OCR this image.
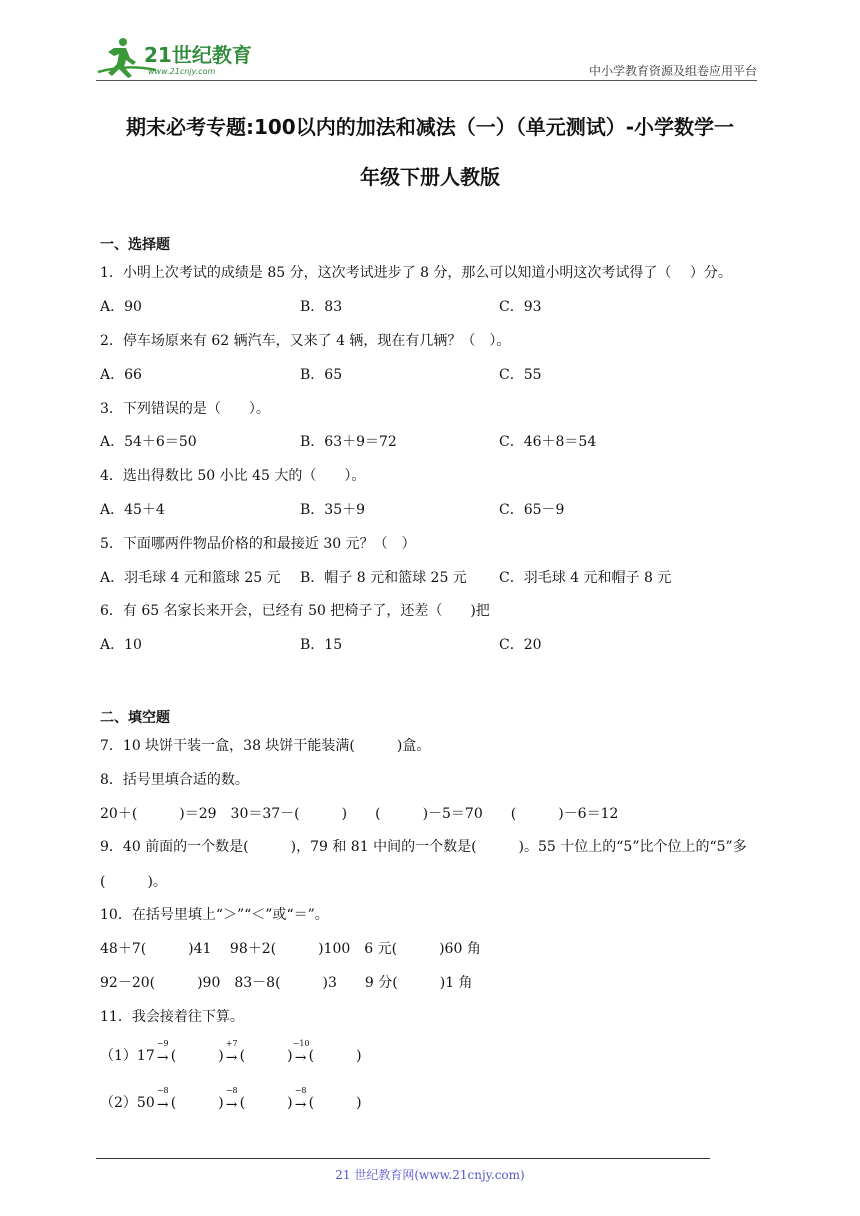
21世纪教育
www.21cnjy.com	中小学教育资源及组卷应用平台
期末必考专题:100以内的加法和减法（一）（单元测试）-小学数学一
年级下册人教版
一、选择题
1．小明上次考试的成绩是 85 分，这次考试进步了 8 分，那么可以知道小明这次考试得了（　 ）分。
A．90	B．83	C．93
2．停车场原来有 62 辆汽车，又来了 4 辆，现在有几辆？（　）。
A．66	B．65	C．55
3．下列错误的是（　　）。
A．54＋6＝50	B．63＋9＝72	C．46＋8＝54
4．选出得数比 50 小比 45 大的（　　）。
A．45＋4	B．35＋9	C．65－9
5．下面哪两件物品价格的和最接近 30 元？（　）
A．羽毛球 4 元和篮球 25 元 B．帽子 8 元和篮球 25 元 C．羽毛球 4 元和帽子 8 元
6．有 65 名家长来开会，已经有 50 把椅子了，还差（　　)把
A．10	B．15	C．20
二、填空题
7．10 块饼干装一盒，38 块饼干能装满(　　　)盒。
8．括号里填合适的数。
20＋(　　　)＝29　30＝37－(　　　)　　(　　　)－5＝70　　(　　　)－6＝12
9．40 前面的一个数是(　　　)，79 和 81 中间的一个数是(　　　)。55 十位上的“5”比个位上的“5”多
(　　　)。
10．在括号里填上“＞”“＜”或“＝”。
48＋7(　　　)41　 98＋2(　　　)100　6 元(　　　)60 角
92－20(　　　)90　83－8(　　　)3　　9 分(　　　)1 角
11．我会接着往下算。
（1）17
−9
→ (　　　)
+7
→ (　　　)
−10
→ (　　　)
（2）50
−8
→ (　　　)
−8
→ (　　　)
−8
→ (　　　)
21 世纪教育网(www.21cnjy.com)
